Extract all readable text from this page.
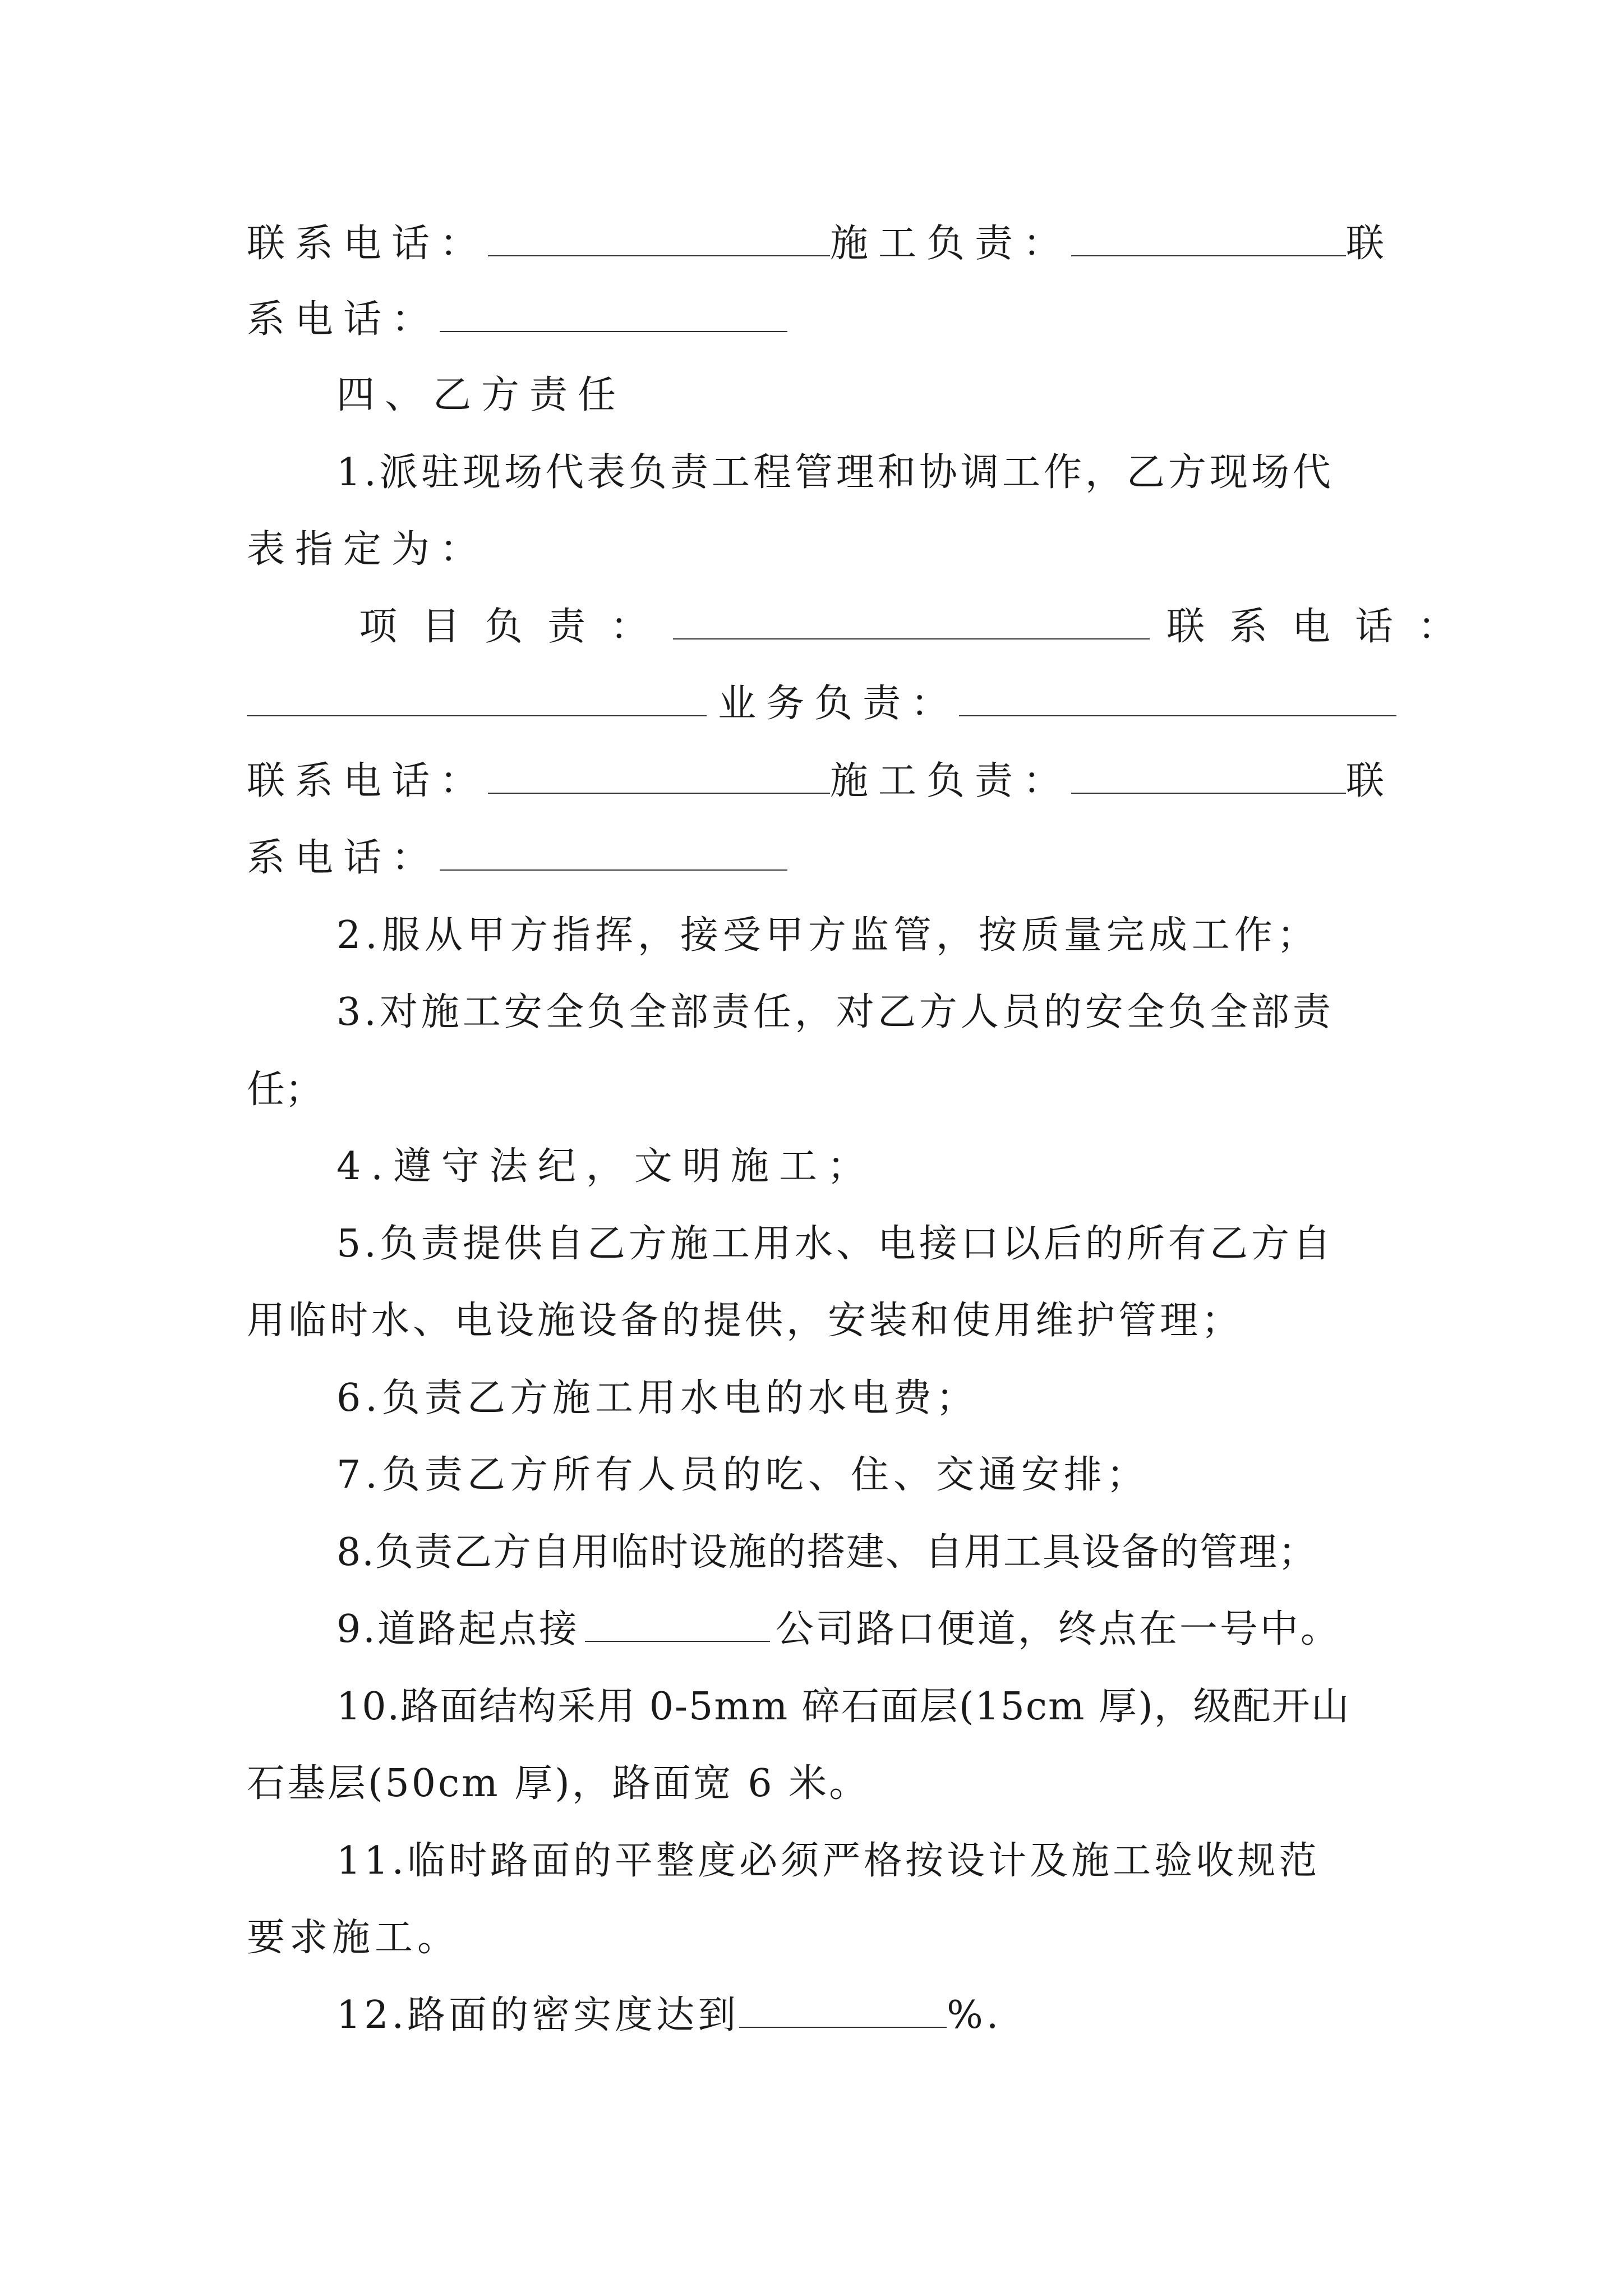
联系电话：	施工负责：	联
系电话：
四、乙方责任
1.派驻现场代表负责工程管理和协调工作，乙方现场代
表指定为：
项目负责：	联系电话：
业务负责：
联系电话：	施工负责：	联
系电话：
2.服从甲方指挥，接受甲方监管，按质量完成工作；
3.对施工安全负全部责任，对乙方人员的安全负全部责
任；
4.遵守法纪，文明施工；
5.负责提供自乙方施工用水、电接口以后的所有乙方自
用临时水、电设施设备的提供，安装和使用维护管理；
6.负责乙方施工用水电的水电费；
7.负责乙方所有人员的吃、住、交通安排；
8.负责乙方自用临时设施的搭建、自用工具设备的管理；
9.道路起点接	公司路口便道，终点在一号中。
10.路面结构采用 0-5mm 碎石面层(15cm 厚)，级配开山
石基层(50cm 厚)，路面宽 6 米。
11.临时路面的平整度必须严格按设计及施工验收规范
要求施工。
12.路面的密实度达到	%.
